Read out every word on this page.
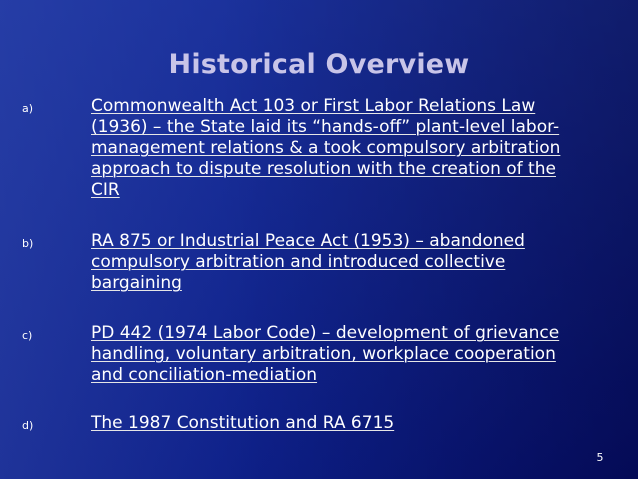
Historical Overview
a)	Commonwealth Act 103 or First Labor Relations Law
(1936) – the State laid its “hands-off” plant-level labor-
management relations & a took compulsory arbitration
approach to dispute resolution with the creation of the
CIR
b)	RA 875 or Industrial Peace Act (1953) – abandoned
compulsory arbitration and introduced collective
bargaining
c)	PD 442 (1974 Labor Code) – development of grievance
handling, voluntary arbitration, workplace cooperation
and conciliation-mediation
d)	The 1987 Constitution and RA 6715
5
